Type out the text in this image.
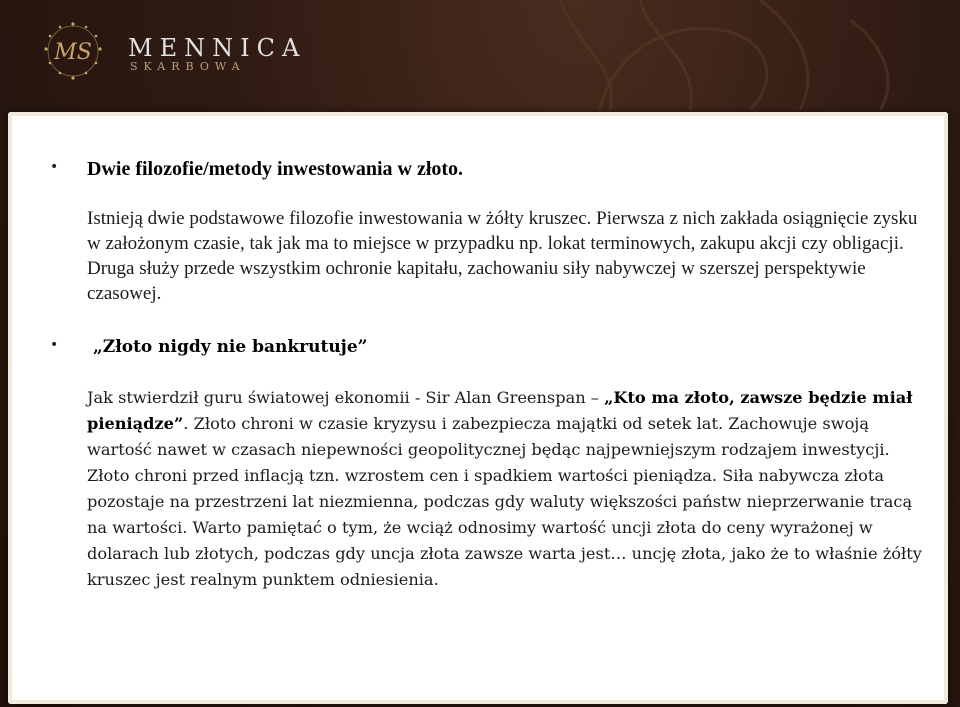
MS MENNICA
SKARBOWA
• Dwie filozofie/metody inwestowania w złoto.

Istnieją dwie podstawowe filozofie inwestowania w żółty kruszec. Pierwsza z nich zakłada osiągnięcie zysku w założonym czasie, tak jak ma to miejsce w przypadku np. lokat terminowych, zakupu akcji czy obligacji. Druga służy przede wszystkim ochronie kapitału, zachowaniu siły nabywczej w szerszej perspektywie czasowej.

• „Złoto nigdy nie bankrutuje”

Jak stwierdził guru światowej ekonomii - Sir Alan Greenspan – „Kto ma złoto, zawsze będzie miał pieniądze”. Złoto chroni w czasie kryzysu i zabezpiecza majątki od setek lat. Zachowuje swoją wartość nawet w czasach niepewności geopolitycznej będąc najpewniejszym rodzajem inwestycji. Złoto chroni przed inflacją tzn. wzrostem cen i spadkiem wartości pieniądza. Siła nabywcza złota pozostaje na przestrzeni lat niezmienna, podczas gdy waluty większości państw nieprzerwanie tracą na wartości. Warto pamiętać o tym, że wciąż odnosimy wartość uncji złota do ceny wyrażonej w dolarach lub złotych, podczas gdy uncja złota zawsze warta jest… uncję złota, jako że to właśnie żółty kruszec jest realnym punktem odniesienia.
